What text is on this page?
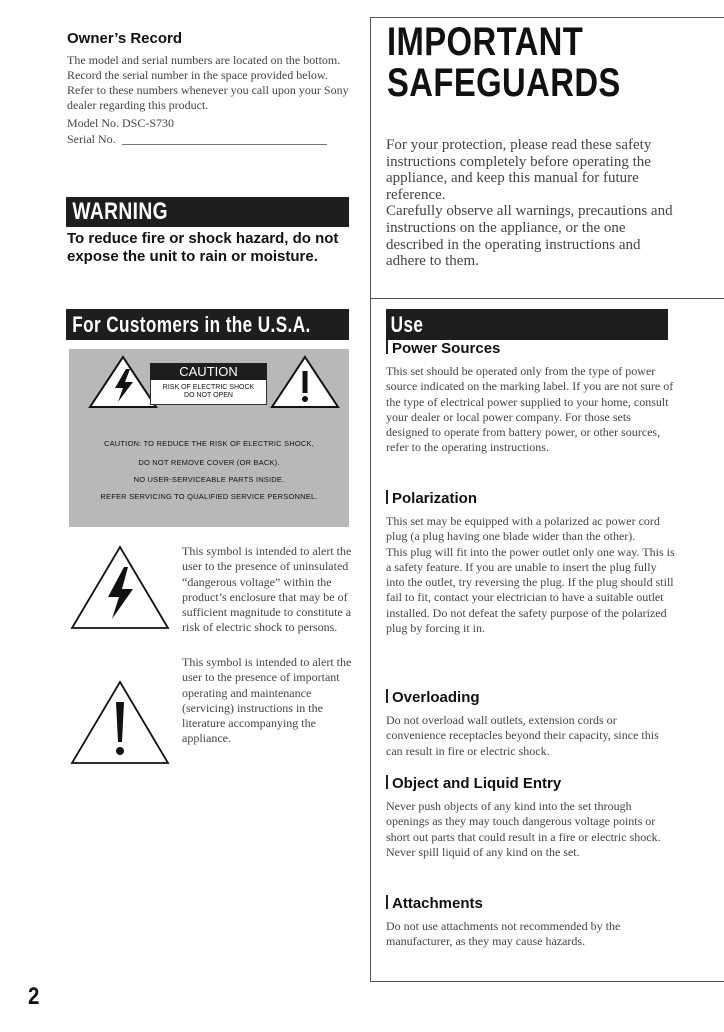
Owner’s Record

The model and serial numbers are located on the bottom. Record the serial number in the space provided below. Refer to these numbers whenever you call upon your Sony dealer regarding this product.

Model No. DSC-S730
Serial No.
WARNING

To reduce fire or shock hazard, do not expose the unit to rain or moisture.

For Customers in the U.S.A.
CAUTION
RISK OF ELECTRIC SHOCK
DO NOT OPEN
CAUTION: TO REDUCE THE RISK OF ELECTRIC SHOCK,
DO NOT REMOVE COVER (OR BACK).
NO USER-SERVICEABLE PARTS INSIDE.
REFER SERVICING TO QUALIFIED SERVICE PERSONNEL.

This symbol is intended to alert the user to the presence of uninsulated “dangerous voltage” within the product’s enclosure that may be of sufficient magnitude to constitute a risk of electric shock to persons.

This symbol is intended to alert the user to the presence of important operating and maintenance (servicing) instructions in the literature accompanying the appliance.

IMPORTANT
SAFEGUARDS

For your protection, please read these safety instructions completely before operating the appliance, and keep this manual for future reference.

Carefully observe all warnings, precautions and instructions on the appliance, or the one described in the operating instructions and adhere to them.

Use
Power Sources

This set should be operated only from the type of power source indicated on the marking label. If you are not sure of the type of electrical power supplied to your home, consult your dealer or local power company. For those sets designed to operate from battery power, or other sources, refer to the operating instructions.

Polarization

This set may be equipped with a polarized ac power cord plug (a plug having one blade wider than the other).

This plug will fit into the power outlet only one way. This is a safety feature. If you are unable to insert the plug fully into the outlet, try reversing the plug. If the plug should still fail to fit, contact your electrician to have a suitable outlet installed. Do not defeat the safety purpose of the polarized plug by forcing it in.

Overloading

Do not overload wall outlets, extension cords or convenience receptacles beyond their capacity, since this can result in fire or electric shock.

Object and Liquid Entry

Never push objects of any kind into the set through openings as they may touch dangerous voltage points or short out parts that could result in a fire or electric shock. Never spill liquid of any kind on the set.

Attachments

Do not use attachments not recommended by the manufacturer, as they may cause hazards.

2
